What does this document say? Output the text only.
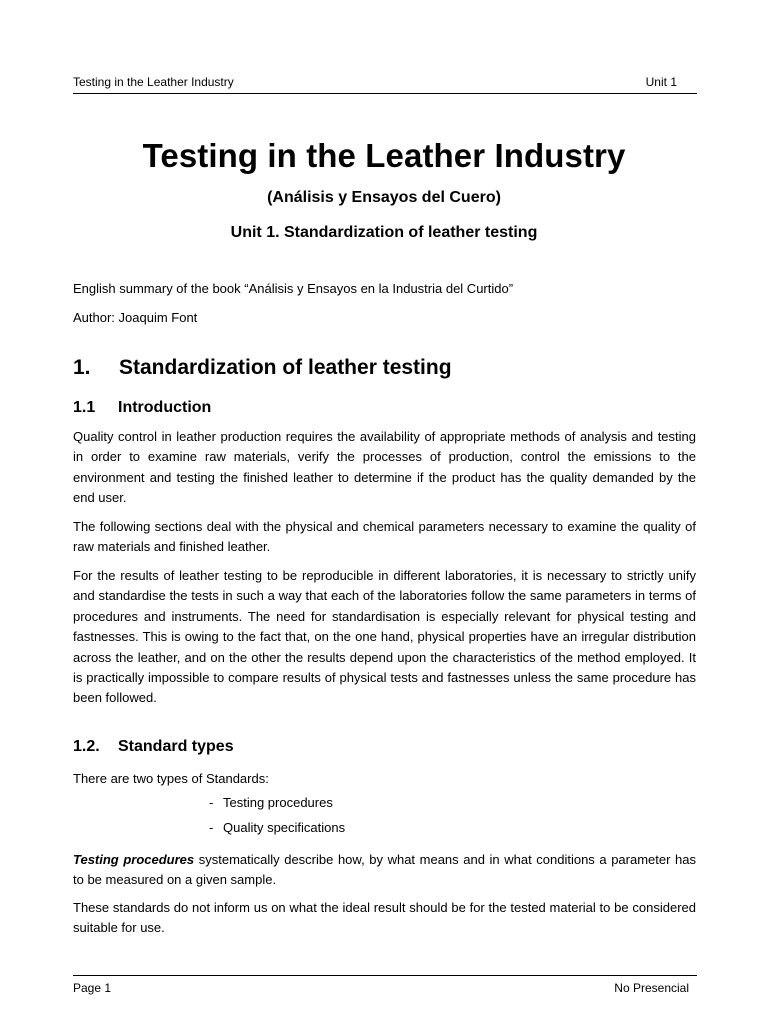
Testing in the Leather Industry	Unit 1
Testing in the Leather Industry
(Análisis y Ensayos del Cuero)
Unit 1. Standardization of leather testing
English summary of the book “Análisis y Ensayos en la Industria del Curtido”
Author: Joaquim Font
1. Standardization of leather testing
1.1 Introduction
Quality control in leather production requires the availability of appropriate methods of analysis and testing in order to examine raw materials, verify the processes of production, control the emissions to the environment and testing the finished leather to determine if the product has the quality demanded by the end user.
The following sections deal with the physical and chemical parameters necessary to examine the quality of raw materials and finished leather.
For the results of leather testing to be reproducible in different laboratories, it is necessary to strictly unify and standardise the tests in such a way that each of the laboratories follow the same parameters in terms of procedures and instruments. The need for standardisation is especially relevant for physical testing and fastnesses. This is owing to the fact that, on the one hand, physical properties have an irregular distribution across the leather, and on the other the results depend upon the characteristics of the method employed. It is practically impossible to compare results of physical tests and fastnesses unless the same procedure has been followed.
1.2. Standard types
There are two types of Standards:
- Testing procedures
- Quality specifications
Testing procedures systematically describe how, by what means and in what conditions a parameter has to be measured on a given sample.
These standards do not inform us on what the ideal result should be for the tested material to be considered suitable for use.
Page 1	No Presencial
